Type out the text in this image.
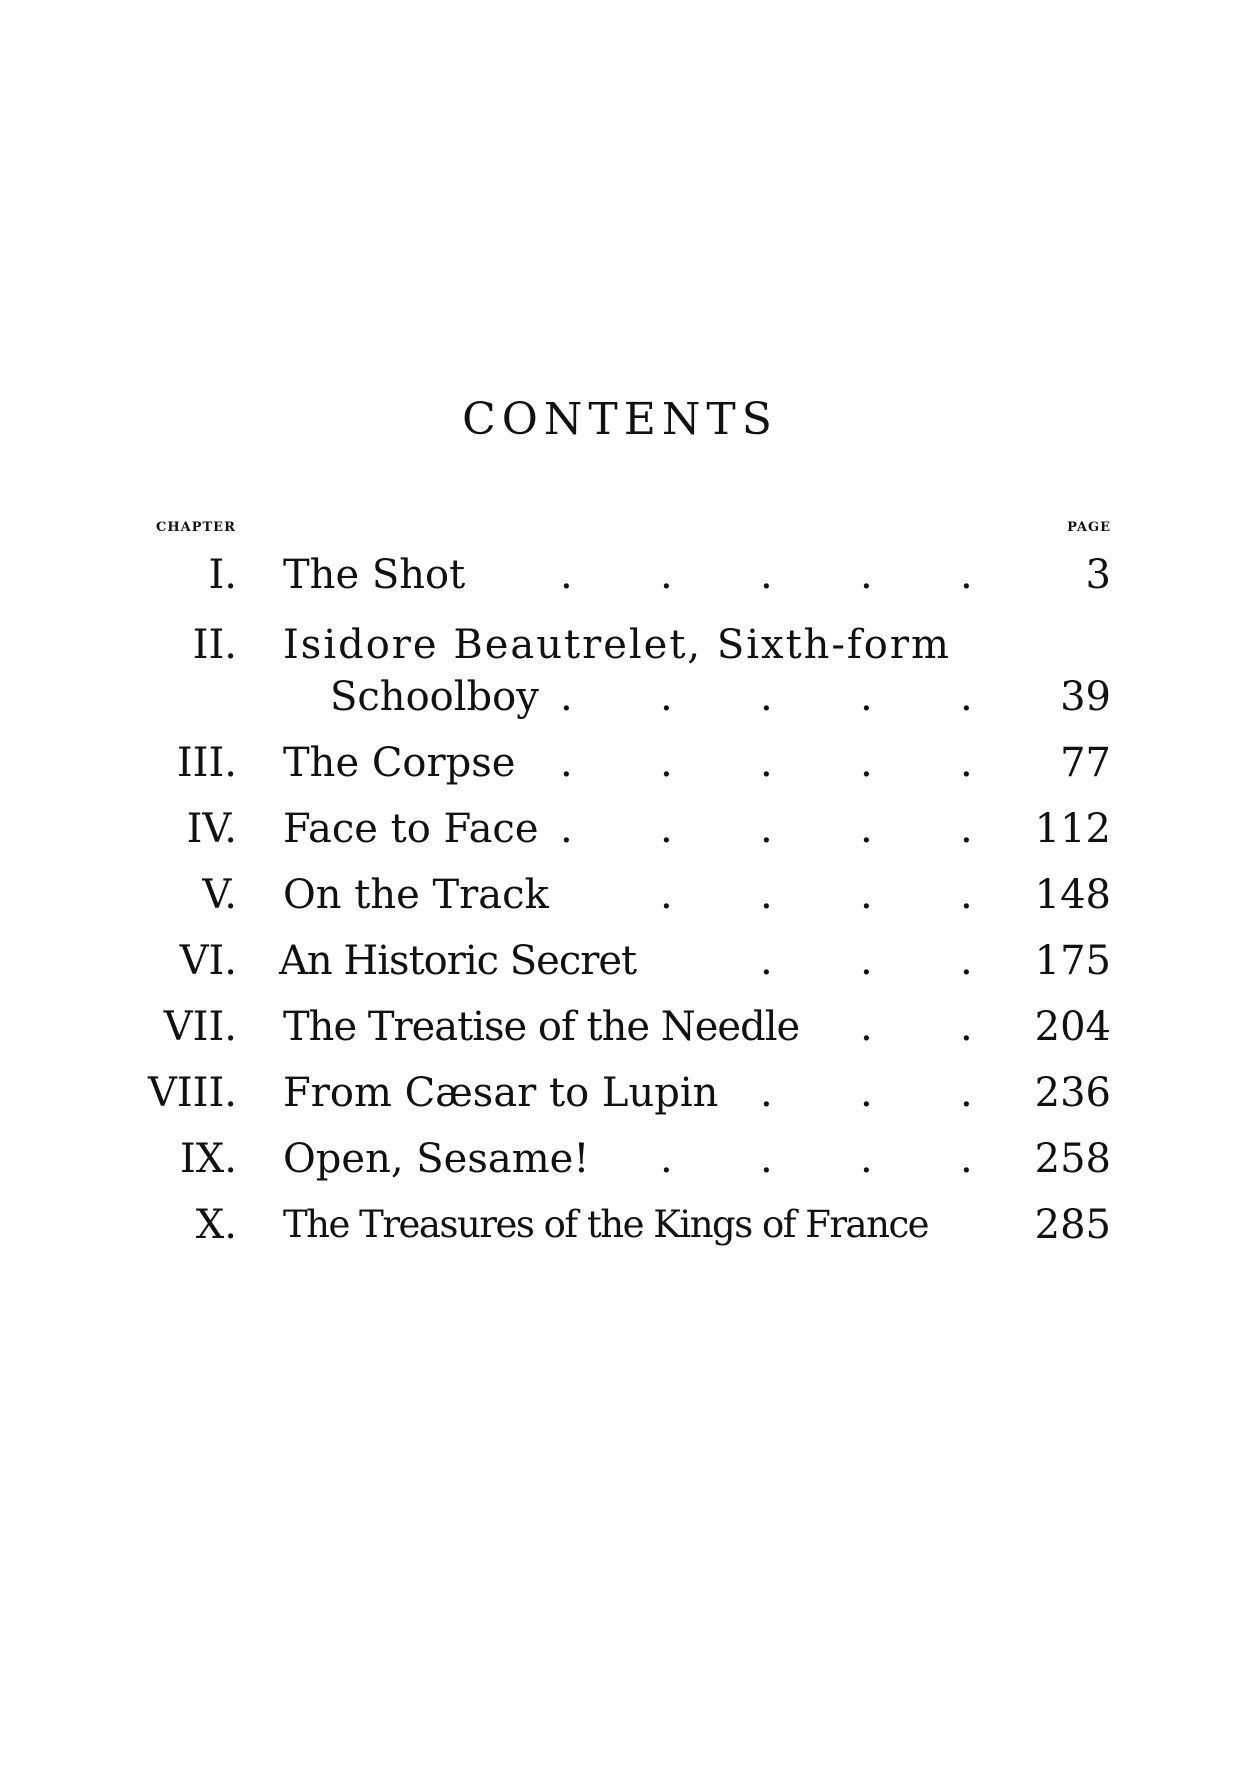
CONTENTS
CHAPTER	PAGE
I. The Shot . . . . .	3
II. Isidore Beautrelet, Sixth-form
Schoolboy . . . . . 39
III. The Corpse . . . . . 77
IV. Face to Face . . . . . 112
V. On the Track	. . . . 148
VI. An Historic Secret	. . . 175
VII. The Treatise of the Needle . . 204
VIII. From Cæsar to Lupin . . . 236
IX. Open, Sesame! . . . . 258
X. The Treasures of the Kings of France	285
